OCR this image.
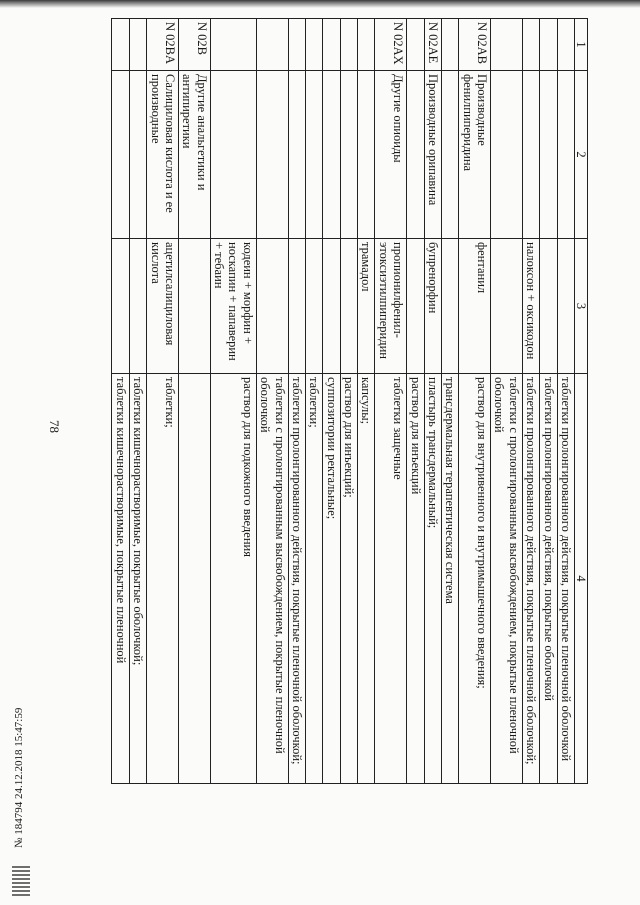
78
1	2	3	4
			таблетки пролонгированного действия, покрытые пленочной оболочкой
			таблетки пролонгированного действия, покрытые оболочкой
		налоксон + оксикодон	таблетки пролонгированного действия, покрытые пленочной оболочкой;
			таблетки с пролонгированным высвобождением, покрытые пленочной оболочкой
N 02AB	Производные фенилпиперидина	фентанил	раствор для внутривенного и внутримышечного введения;
			трансдермальная терапевтическая система
N 02AE	Производные орипавина	бупренорфин	пластырь трансдермальный;
			раствор для инъекций
N 02AX	Другие опиоиды	пропионилфенил-этоксиэтилпиперидин	таблетки защечные
		трамадол	капсулы;
			раствор для инъекций;
			суппозитории ректальные;
			таблетки;
			таблетки пролонгированного действия, покрытые пленочной оболочкой;
			таблетки с пролонгированным высвобождением, покрытые пленочной оболочкой
		кодеин + морфин + носкапин + папаверин + тебаин	раствор для подкожного введения
N 02B	Другие анальгетики и антипиретики		
N 02BA	Салициловая кислота и ее производные	ацетилсалициловая кислота	таблетки;
			таблетки кишечнорастворимые, покрытые оболочкой;
			таблетки кишечнорастворимые, покрытые пленочной
№ 184794 24.12.2018 15:47:59
